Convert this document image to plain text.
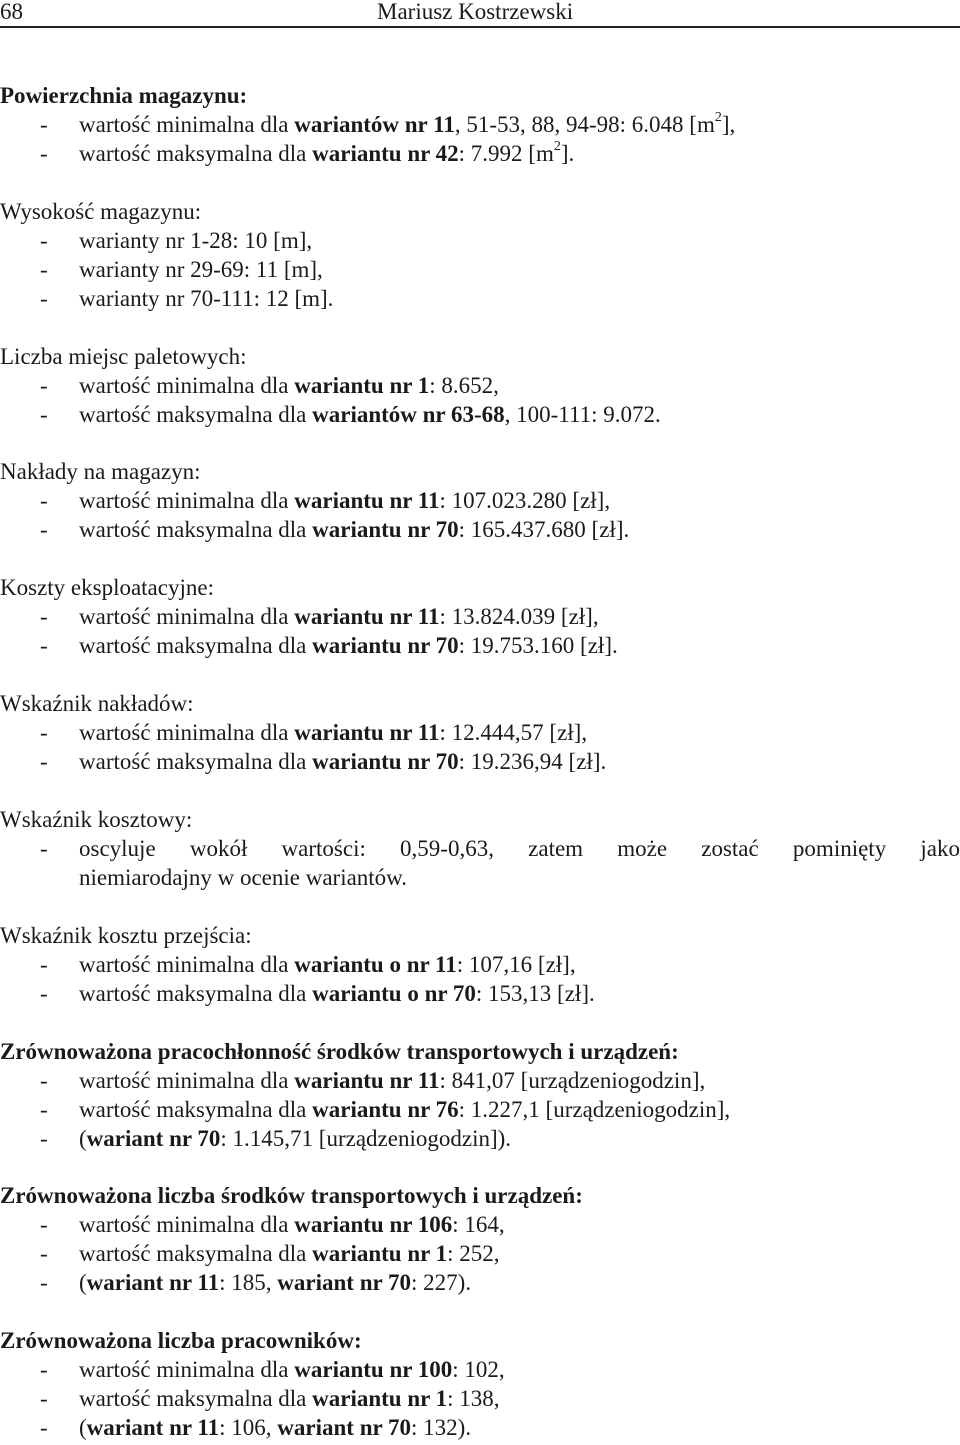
68	Mariusz Kostrzewski
Powierzchnia magazynu:
- wartość minimalna dla wariantów nr 11, 51-53, 88, 94-98: 6.048 $[m^2]$,
- wartość maksymalna dla wariantu nr 42: 7.992 $[m^2]$.
Wysokość magazynu:
- warianty nr 1-28: 10 [m],
- warianty nr 29-69: 11 [m],
- warianty nr 70-111: 12 [m].
Liczba miejsc paletowych:
- wartość minimalna dla wariantu nr 1: 8.652,
- wartość maksymalna dla wariantów nr 63-68, 100-111: 9.072.
Nakłady na magazyn:
- wartość minimalna dla wariantu nr 11: 107.023.280 [zł],
- wartość maksymalna dla wariantu nr 70: 165.437.680 [zł].
Koszty eksploatacyjne:
- wartość minimalna dla wariantu nr 11: 13.824.039 [zł],
- wartość maksymalna dla wariantu nr 70: 19.753.160 [zł].
Wskaźnik nakładów:
- wartość minimalna dla wariantu nr 11: 12.444,57 [zł],
- wartość maksymalna dla wariantu nr 70: 19.236,94 [zł].
Wskaźnik kosztowy:
- oscyluje wokół wartości: 0,59-0,63, zatem może zostać pominięty jako
niemiarodajny w ocenie wariantów.
Wskaźnik kosztu przejścia:
- wartość minimalna dla wariantu o nr 11: 107,16 [zł],
- wartość maksymalna dla wariantu o nr 70: 153,13 [zł].
Zrównoważona pracochłonność środków transportowych i urządzeń:
- wartość minimalna dla wariantu nr 11: 841,07 [urządzeniogodzin],
- wartość maksymalna dla wariantu nr 76: 1.227,1 [urządzeniogodzin],
- (wariant nr 70: 1.145,71 [urządzeniogodzin]).
Zrównoważona liczba środków transportowych i urządzeń:
- wartość minimalna dla wariantu nr 106: 164,
- wartość maksymalna dla wariantu nr 1: 252,
- (wariant nr 11: 185, wariant nr 70: 227).
Zrównoważona liczba pracowników:
- wartość minimalna dla wariantu nr 100: 102,
- wartość maksymalna dla wariantu nr 1: 138,
- (wariant nr 11: 106, wariant nr 70: 132).
